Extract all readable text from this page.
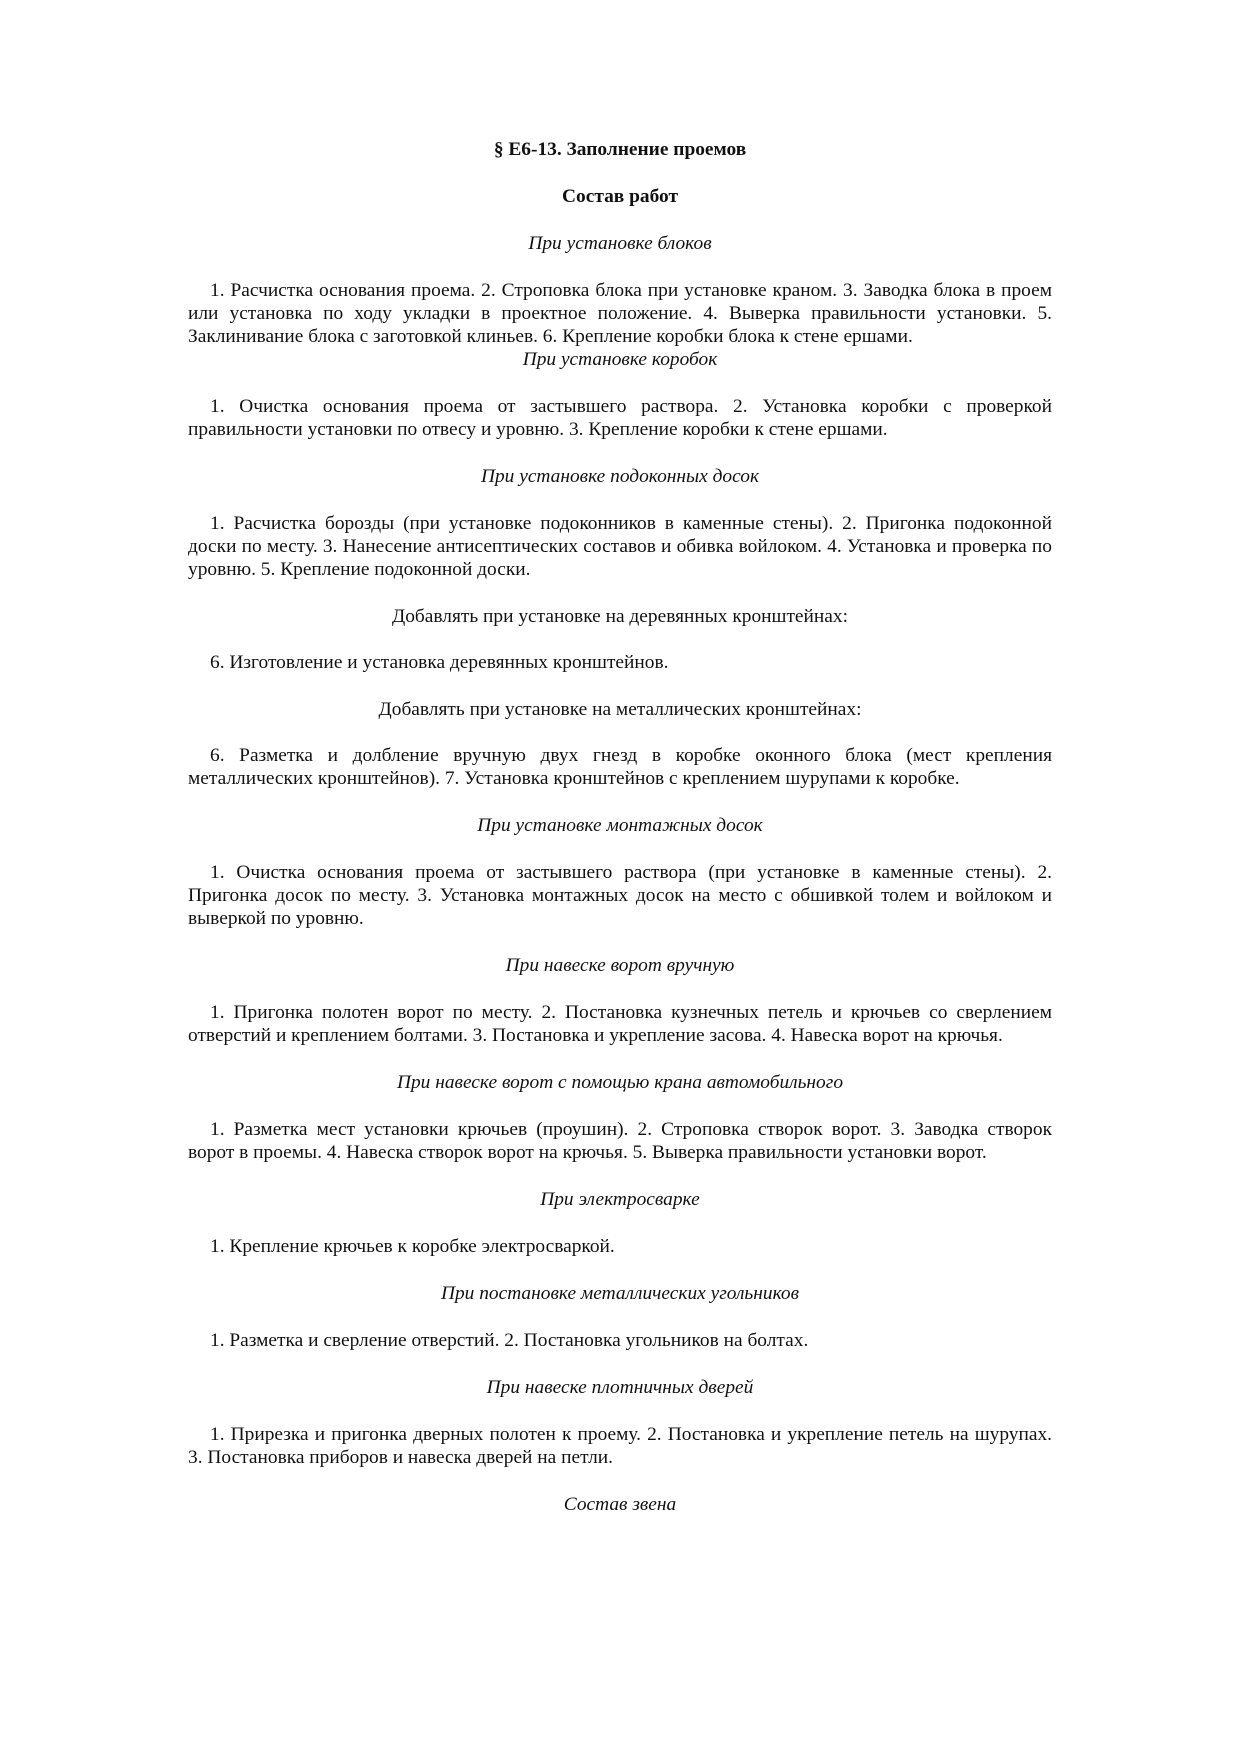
§ Е6-13. Заполнение проемов
Состав работ
При установке блоков
1. Расчистка основания проема. 2. Строповка блока при установке краном. 3. Заводка блока в проем или установка по ходу укладки в проектное положение. 4. Выверка правильности установки. 5. Заклинивание блока с заготовкой клиньев. 6. Крепление коробки блока к стене ершами.
При установке коробок
1. Очистка основания проема от застывшего раствора. 2. Установка коробки с проверкой правильности установки по отвесу и уровню. 3. Крепление коробки к стене ершами.
При установке подоконных досок
1. Расчистка борозды (при установке подоконников в каменные стены). 2. Пригонка подоконной доски по месту. 3. Нанесение антисептических составов и обивка войлоком. 4. Установка и проверка по уровню. 5. Крепление подоконной доски.
Добавлять при установке на деревянных кронштейнах:
6. Изготовление и установка деревянных кронштейнов.
Добавлять при установке на металлических кронштейнах:
6. Разметка и долбление вручную двух гнезд в коробке оконного блока (мест крепления металлических кронштейнов). 7. Установка кронштейнов с креплением шурупами к коробке.
При установке монтажных досок
1. Очистка основания проема от застывшего раствора (при установке в каменные стены). 2. Пригонка досок по месту. 3. Установка монтажных досок на место с обшивкой толем и войлоком и выверкой по уровню.
При навеске ворот вручную
1. Пригонка полотен ворот по месту. 2. Постановка кузнечных петель и крючьев со сверлением отверстий и креплением болтами. 3. Постановка и укрепление засова. 4. Навеска ворот на крючья.
При навеске ворот с помощью крана автомобильного
1. Разметка мест установки крючьев (проушин). 2. Строповка створок ворот. 3. Заводка створок ворот в проемы. 4. Навеска створок ворот на крючья. 5. Выверка правильности установки ворот.
При электросварке
1. Крепление крючьев к коробке электросваркой.
При постановке металлических угольников
1. Разметка и сверление отверстий. 2. Постановка угольников на болтах.
При навеске плотничных дверей
1. Прирезка и пригонка дверных полотен к проему. 2. Постановка и укрепление петель на шурупах. 3. Постановка приборов и навеска дверей на петли.
Состав звена
